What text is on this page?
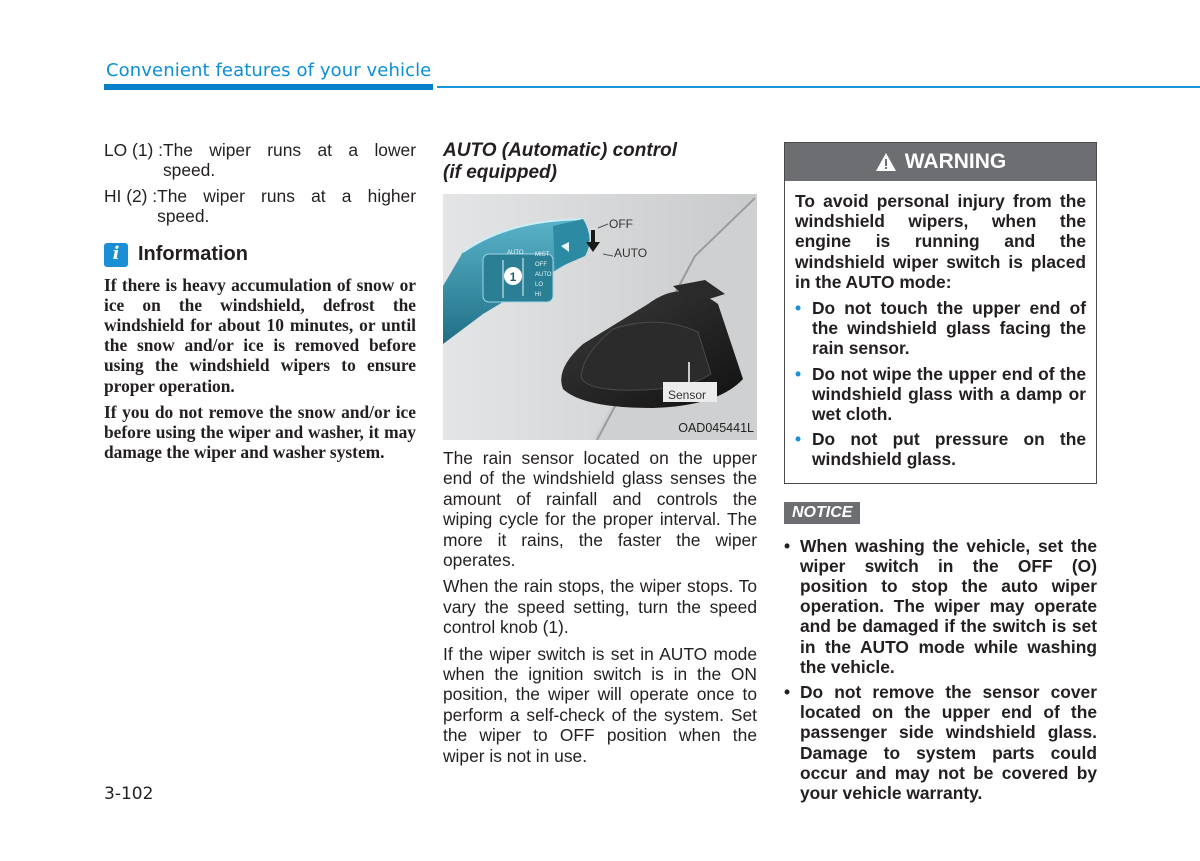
Convenient features of your vehicle
LO (1) : The wiper runs at a lower
speed.
HI (2) : The wiper runs at a higher
speed.
i Information

If there is heavy accumulation of snow or ice on the windshield, defrost the windshield for about 10 minutes, or until the snow and/or ice is removed before using the windshield wipers to ensure proper operation.

If you do not remove the snow and/or ice before using the wiper and washer, it may damage the wiper and washer system.

AUTO (Automatic) control
(if equipped)
1
MIST
OFF
AUTO
LO
HI
AUTO
OFF
AUTO
Sensor
OAD045441L

The rain sensor located on the upper end of the windshield glass senses the amount of rainfall and controls the wiping cycle for the proper interval. The more it rains, the faster the wiper operates.

When the rain stops, the wiper stops. To vary the speed setting, turn the speed control knob (1).

If the wiper switch is set in AUTO mode when the ignition switch is in the ON position, the wiper will operate once to perform a self-check of the system. Set the wiper to OFF position when the wiper is not in use.

WARNING

To avoid personal injury from the windshield wipers, when the engine is running and the windshield wiper switch is placed in the AUTO mode:

• Do not touch the upper end of the windshield glass facing the rain sensor.
• Do not wipe the upper end of the windshield glass with a damp or wet cloth.
• Do not put pressure on the windshield glass.
NOTICE
• When washing the vehicle, set the wiper switch in the OFF (O) position to stop the auto wiper operation. The wiper may operate and be damaged if the switch is set in the AUTO mode while washing the vehicle.
• Do not remove the sensor cover located on the upper end of the passenger side windshield glass. Damage to system parts could occur and may not be covered by your vehicle warranty.
3-102
